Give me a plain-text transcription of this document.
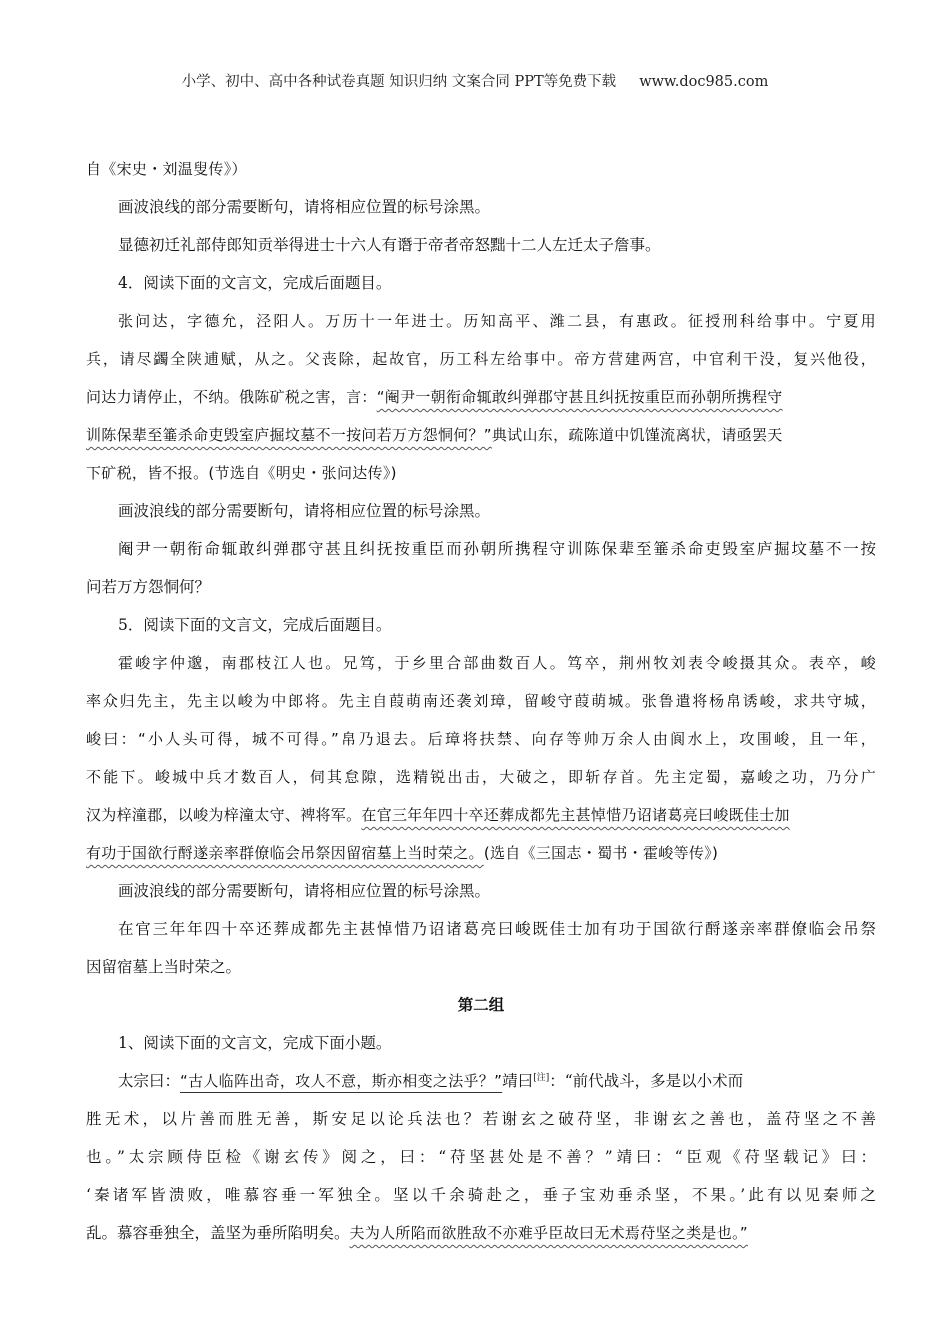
小学、初中、高中各种试卷真题 知识归纳 文案合同 PPT等免费下载 www.doc985.com
自《宋史・刘温叟传》）
画波浪线的部分需要断句，请将相应位置的标号涂黑。
显德初迁礼部侍郎知贡举得进士十六人有谮于帝者帝怒黜十二人左迁太子詹事。
4．阅读下面的文言文，完成后面题目。
张问达，字德允，泾阳人。万历十一年进士。历知高平、潍二县，有惠政。征授刑科给事中。宁夏用
兵，请尽蠲全陕逋赋，从之。父丧除，起故官，历工科左给事中。帝方营建两宫，中官利干没，复兴他役，
问达力请停止，不纳。俄陈矿税之害，言：“阉尹一朝衔命辄敢纠弹郡守甚且纠抚按重臣而孙朝所携程守
训陈保辈至箠杀命吏毁室庐掘坟墓不一按问若万方怨恫何？”典试山东，疏陈道中饥馑流离状，请亟罢天
下矿税，皆不报。(节选自《明史・张问达传》)
画波浪线的部分需要断句，请将相应位置的标号涂黑。
阉尹一朝衔命辄敢纠弹郡守甚且纠抚按重臣而孙朝所携程守训陈保辈至箠杀命吏毁室庐掘坟墓不一按
问若万方怨恫何？
5．阅读下面的文言文，完成后面题目。
霍峻字仲邈，南郡枝江人也。兄笃，于乡里合部曲数百人。笃卒，荆州牧刘表令峻摄其众。表卒，峻
率众归先主，先主以峻为中郎将。先主自葭萌南还袭刘璋，留峻守葭萌城。张鲁遣将杨帛诱峻，求共守城，
峻曰：“小人头可得，城不可得。”帛乃退去。后璋将扶禁、向存等帅万余人由阆水上，攻围峻，且一年，
不能下。峻城中兵才数百人，伺其怠隙，选精锐出击，大破之，即斩存首。先主定蜀，嘉峻之功，乃分广
汉为梓潼郡，以峻为梓潼太守、裨将军。在官三年年四十卒还葬成都先主甚悼惜乃诏诸葛亮曰峻既佳士加
有功于国欲行酹遂亲率群僚临会吊祭因留宿墓上当时荣之。(选自《三国志・蜀书・霍峻等传》)
画波浪线的部分需要断句，请将相应位置的标号涂黑。
在官三年年四十卒还葬成都先主甚悼惜乃诏诸葛亮曰峻既佳士加有功于国欲行酹遂亲率群僚临会吊祭
因留宿墓上当时荣之。
第二组
1、阅读下面的文言文，完成下面小题。
太宗曰：“古人临阵出奇，攻人不意，斯亦相变之法乎？”靖曰[注]：“前代战斗，多是以小术而
胜无术，以片善而胜无善，斯安足以论兵法也？若谢玄之破苻坚，非谢玄之善也，盖苻坚之不善
也。”太宗顾侍臣检《谢玄传》阅之，曰：“苻坚甚处是不善？”靖曰：“臣观《苻坚载记》曰：
‘秦诸军皆溃败，唯慕容垂一军独全。坚以千余骑赴之，垂子宝劝垂杀坚，不果。’此有以见秦师之
乱。慕容垂独全，盖坚为垂所陷明矣。夫为人所陷而欲胜敌不亦难乎臣故曰无术焉苻坚之类是也。”
